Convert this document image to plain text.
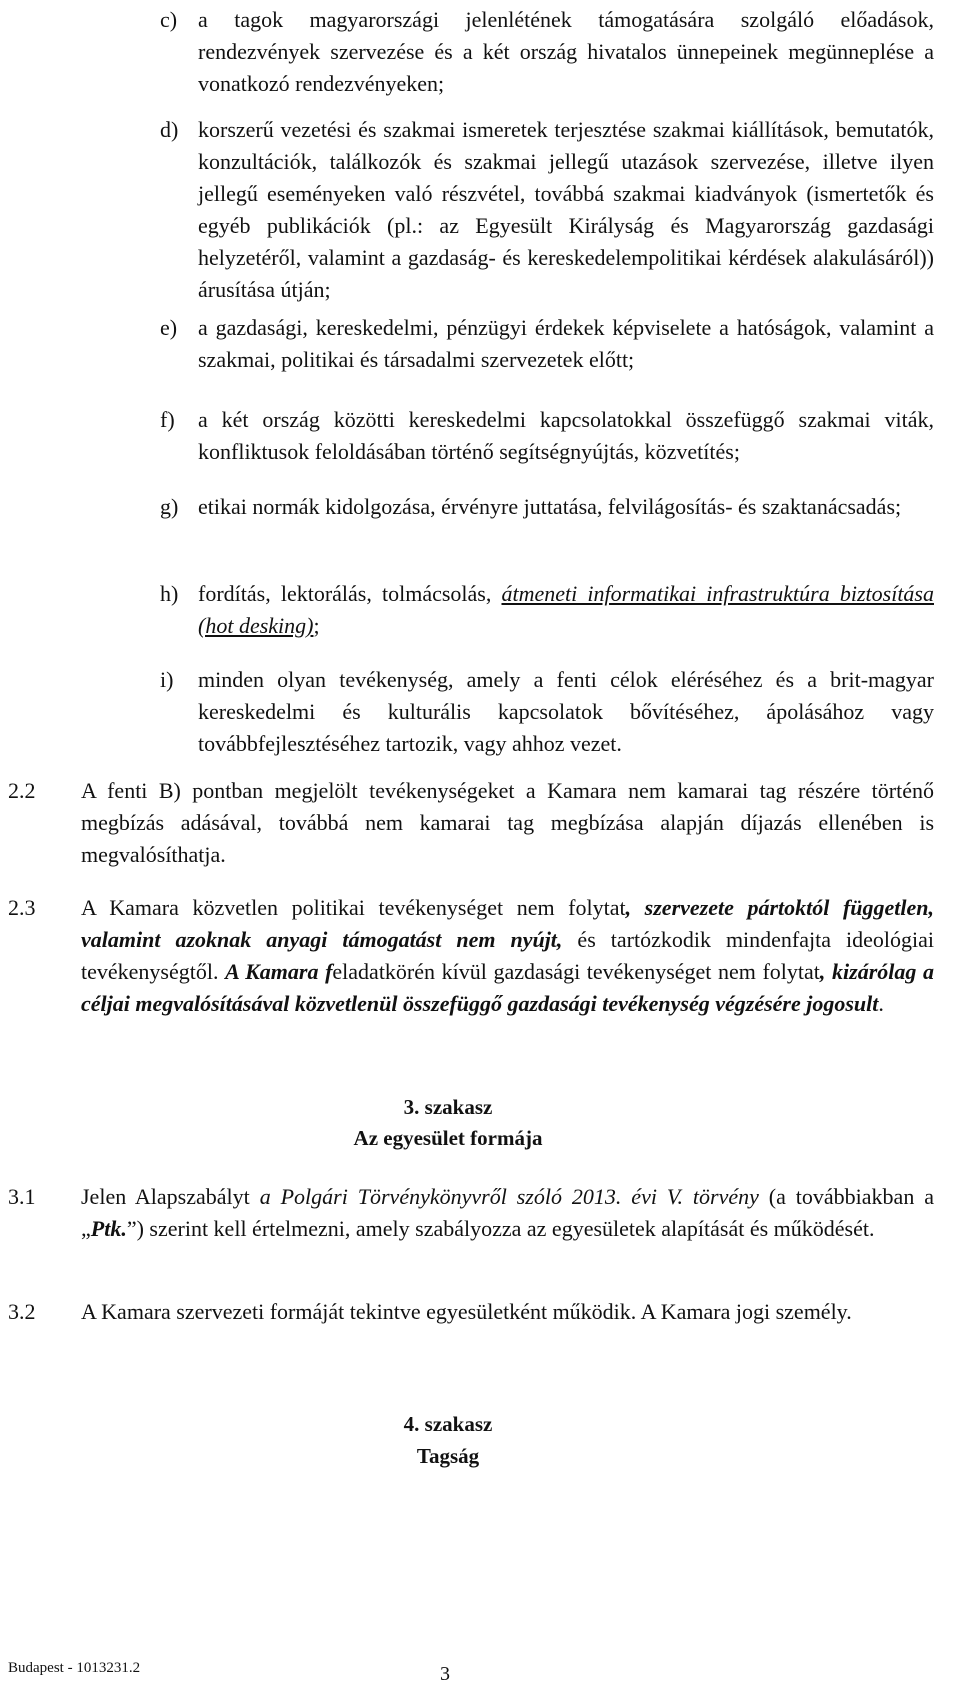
c) a tagok magyarországi jelenlétének támogatására szolgáló előadások, rendezvények szervezése és a két ország hivatalos ünnepeinek megünneplése a vonatkozó rendezvényeken;
d) korszerű vezetési és szakmai ismeretek terjesztése szakmai kiállítások, bemutatók, konzultációk, találkozók és szakmai jellegű utazások szervezése, illetve ilyen jellegű eseményeken való részvétel, továbbá szakmai kiadványok (ismertetők és egyéb publikációk (pl.: az Egyesült Királyság és Magyarország gazdasági helyzetéről, valamint a gazdaság- és kereskedelempolitikai kérdések alakulásáról)) árusítása útján;
e) a gazdasági, kereskedelmi, pénzügyi érdekek képviselete a hatóságok, valamint a szakmai, politikai és társadalmi szervezetek előtt;
f)	a két ország közötti kereskedelmi kapcsolatokkal összefüggő szakmai viták, konfliktusok feloldásában történő segítségnyújtás, közvetítés;
g) etikai normák kidolgozása, érvényre juttatása, felvilágosítás- és szaktanácsadás;
h) fordítás, lektorálás, tolmácsolás, átmeneti informatikai infrastruktúra biztosítása (hot desking);
i)	minden olyan tevékenység, amely a fenti célok eléréséhez és a brit-magyar kereskedelmi és kulturális kapcsolatok bővítéséhez, ápolásához vagy továbbfejlesztéséhez tartozik, vagy ahhoz vezet.
2.2	A fenti B) pontban megjelölt tevékenységeket a Kamara nem kamarai tag részére történő megbízás adásával, továbbá nem kamarai tag megbízása alapján díjazás ellenében is megvalósíthatja.
2.3	A Kamara közvetlen politikai tevékenységet nem folytat, szervezete pártoktól független, valamint azoknak anyagi támogatást nem nyújt, és tartózkodik mindenfajta ideológiai tevékenységtől. A Kamara feladatkörén kívül gazdasági tevékenységet nem folytat, kizárólag a céljai megvalósításával közvetlenül összefüggő gazdasági tevékenység végzésére jogosult.
3. szakasz
Az egyesület formája
3.1	Jelen Alapszabályt a Polgári Törvénykönyvről szóló 2013. évi V. törvény (a továbbiakban a „Ptk.”) szerint kell értelmezni, amely szabályozza az egyesületek alapítását és működését.
3.2	A Kamara szervezeti formáját tekintve egyesületként működik. A Kamara jogi személy.
4. szakasz
Tagság
Budapest - 1013231.2	3
